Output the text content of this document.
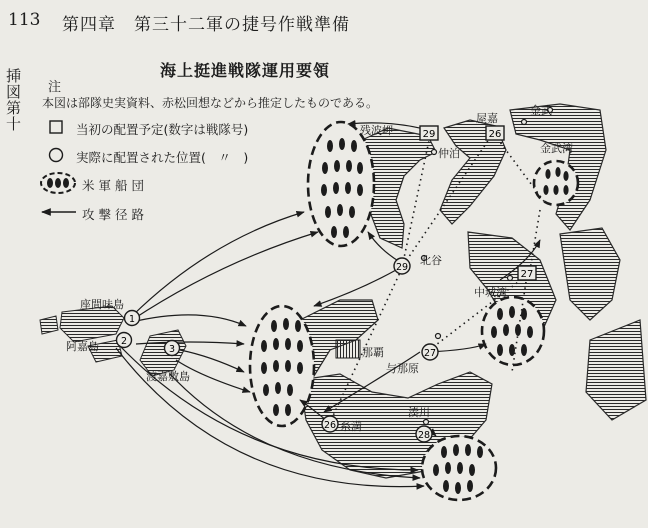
113 第四章　第三十二軍の捷号作戦準備
挿図第十	海上挺進戦隊運用要領
注
本図は部隊史実資料、赤松回想などから推定したものである。
当初の配置予定(数字は戦隊号)
実際に配置された位置(　〃　)
米軍船団
攻撃径路
29	26
27
29
27
26
28
1
2
3
残波岬
金武
屋嘉
金武湾
仲泊
北谷
中城湾
那覇
与那原
糸満
湊川
座間味島
阿嘉島
渡嘉敷島
